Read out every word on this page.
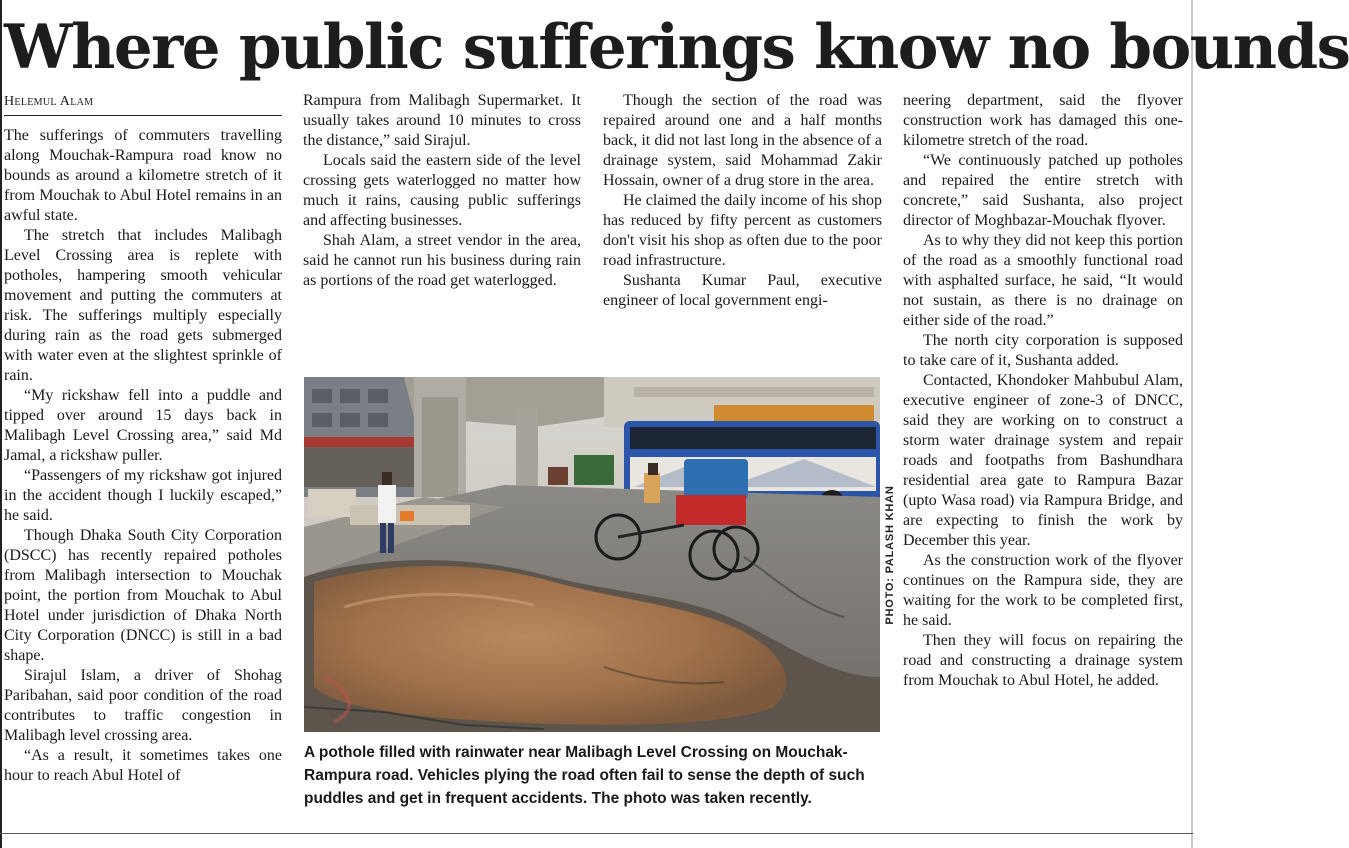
Where public sufferings know no bounds
Helemul Alam

The sufferings of commuters travelling along Mouchak-Rampura road know no bounds as around a kilometre stretch of it from Mouchak to Abul Hotel remains in an awful state.

The stretch that includes Malibagh Level Crossing area is replete with potholes, hampering smooth vehicular movement and putting the commuters at risk. The sufferings multiply especially during rain as the road gets submerged with water even at the slightest sprinkle of rain.

“My rickshaw fell into a puddle and tipped over around 15 days back in Malibagh Level Crossing area,” said Md Jamal, a rickshaw puller.

“Passengers of my rickshaw got injured in the accident though I luckily escaped,” he said.

Though Dhaka South City Corporation (DSCC) has recently repaired potholes from Malibagh intersection to Mouchak point, the portion from Mouchak to Abul Hotel under jurisdiction of Dhaka North City Corporation (DNCC) is still in a bad shape.

Sirajul Islam, a driver of Shohag Paribahan, said poor condition of the road contributes to traffic congestion in Malibagh level crossing area.

“As a result, it sometimes takes one hour to reach Abul Hotel of

Rampura from Malibagh Supermarket. It usually takes around 10 minutes to cross the distance,” said Sirajul.

Locals said the eastern side of the level crossing gets waterlogged no matter how much it rains, causing public sufferings and affecting businesses.

Shah Alam, a street vendor in the area, said he cannot run his business during rain as portions of the road get waterlogged.

Though the section of the road was repaired around one and a half months back, it did not last long in the absence of a drainage system, said Mohammad Zakir Hossain, owner of a drug store in the area.

He claimed the daily income of his shop has reduced by fifty percent as customers don't visit his shop as often due to the poor road infrastructure.

Sushanta Kumar Paul, executive engineer of local government engi-

neering department, said the flyover construction work has damaged this one-kilometre stretch of the road.

“We continuously patched up potholes and repaired the entire stretch with concrete,” said Sushanta, also project director of Moghbazar-Mouchak flyover.

As to why they did not keep this portion of the road as a smoothly functional road with asphalted surface, he said, “It would not sustain, as there is no drainage on either side of the road.”

The north city corporation is supposed to take care of it, Sushanta added.

Contacted, Khondoker Mahbubul Alam, executive engineer of zone-3 of DNCC, said they are working on to construct a storm water drainage system and repair roads and footpaths from Bashundhara residential area gate to Rampura Bazar (upto Wasa road) via Rampura Bridge, and are expecting to finish the work by December this year.

As the construction work of the flyover continues on the Rampura side, they are waiting for the work to be completed first, he said.

Then they will focus on repairing the road and constructing a drainage system from Mouchak to Abul Hotel, he added.

PHOTO: PALASH KHAN

A pothole filled with rainwater near Malibagh Level Crossing on Mouchak-Rampura road. Vehicles plying the road often fail to sense the depth of such puddles and get in frequent accidents. The photo was taken recently.
